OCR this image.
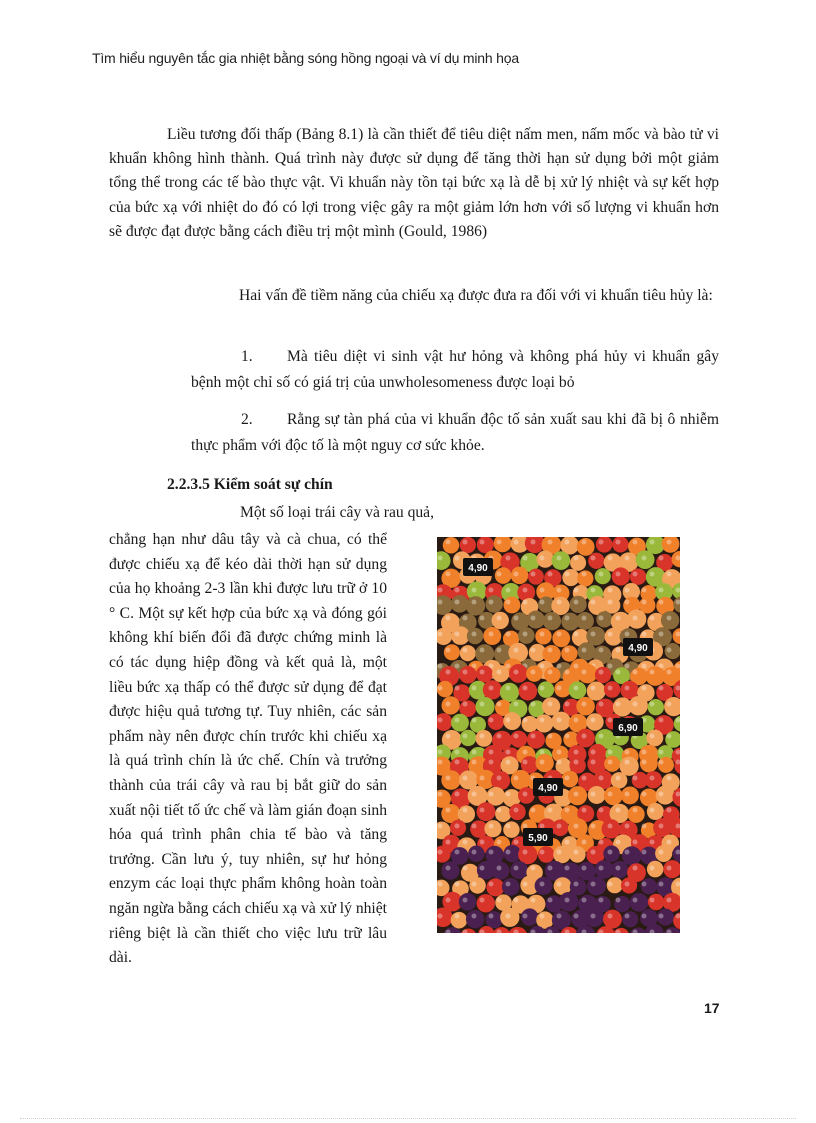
Tìm hiểu nguyên tắc gia nhiệt bằng sóng hồng ngoại và ví dụ minh họa

Liều tương đối thấp (Bảng 8.1) là cần thiết để tiêu diệt nấm men, nấm mốc và bào tử vi khuẩn không hình thành. Quá trình này được sử dụng để tăng thời hạn sử dụng bởi một giảm tổng thể trong các tế bào thực vật. Vi khuẩn này tồn tại bức xạ là dễ bị xử lý nhiệt và sự kết hợp của bức xạ với nhiệt do đó có lợi trong việc gây ra một giảm lớn hơn với số lượng vi khuẩn hơn sẽ được đạt được bằng cách điều trị một mình (Gould, 1986)

Hai vấn đề tiềm năng của chiếu xạ được đưa ra đối với vi khuẩn tiêu hủy là:

1. Mà tiêu diệt vi sinh vật hư hỏng và không phá hủy vi khuẩn gây bệnh một chỉ số có giá trị của unwholesomeness được loại bỏ
2. Rằng sự tàn phá của vi khuẩn độc tố sản xuất sau khi đã bị ô nhiễm thực phẩm với độc tố là một nguy cơ sức khỏe.
2.2.3.5 Kiểm soát sự chín
Một số loại trái cây và rau quả,

chẳng hạn như dâu tây và cà chua, có thể được chiếu xạ để kéo dài thời hạn sử dụng của họ khoảng 2-3 lần khi được lưu trữ ở 10 ° C. Một sự kết hợp của bức xạ và đóng gói không khí biến đổi đã được chứng minh là có tác dụng hiệp đồng và kết quả là, một liều bức xạ thấp có thể được sử dụng để đạt được hiệu quả tương tự. Tuy nhiên, các sản phẩm này nên được chín trước khi chiếu xạ là quá trình chín là ức chế. Chín và trưởng thành của trái cây và rau bị bắt giữ do sản xuất nội tiết tố ức chế và làm gián đoạn sinh hóa quá trình phân chia tế bào và tăng trưởng. Cần lưu ý, tuy nhiên, sự hư hỏng enzym các loại thực phẩm không hoàn toàn ngăn ngừa bằng cách chiếu xạ và xử lý nhiệt riêng biệt là cần thiết cho việc lưu trữ lâu dài.

4,90
4,90
6,90
4,90
5,90
17
